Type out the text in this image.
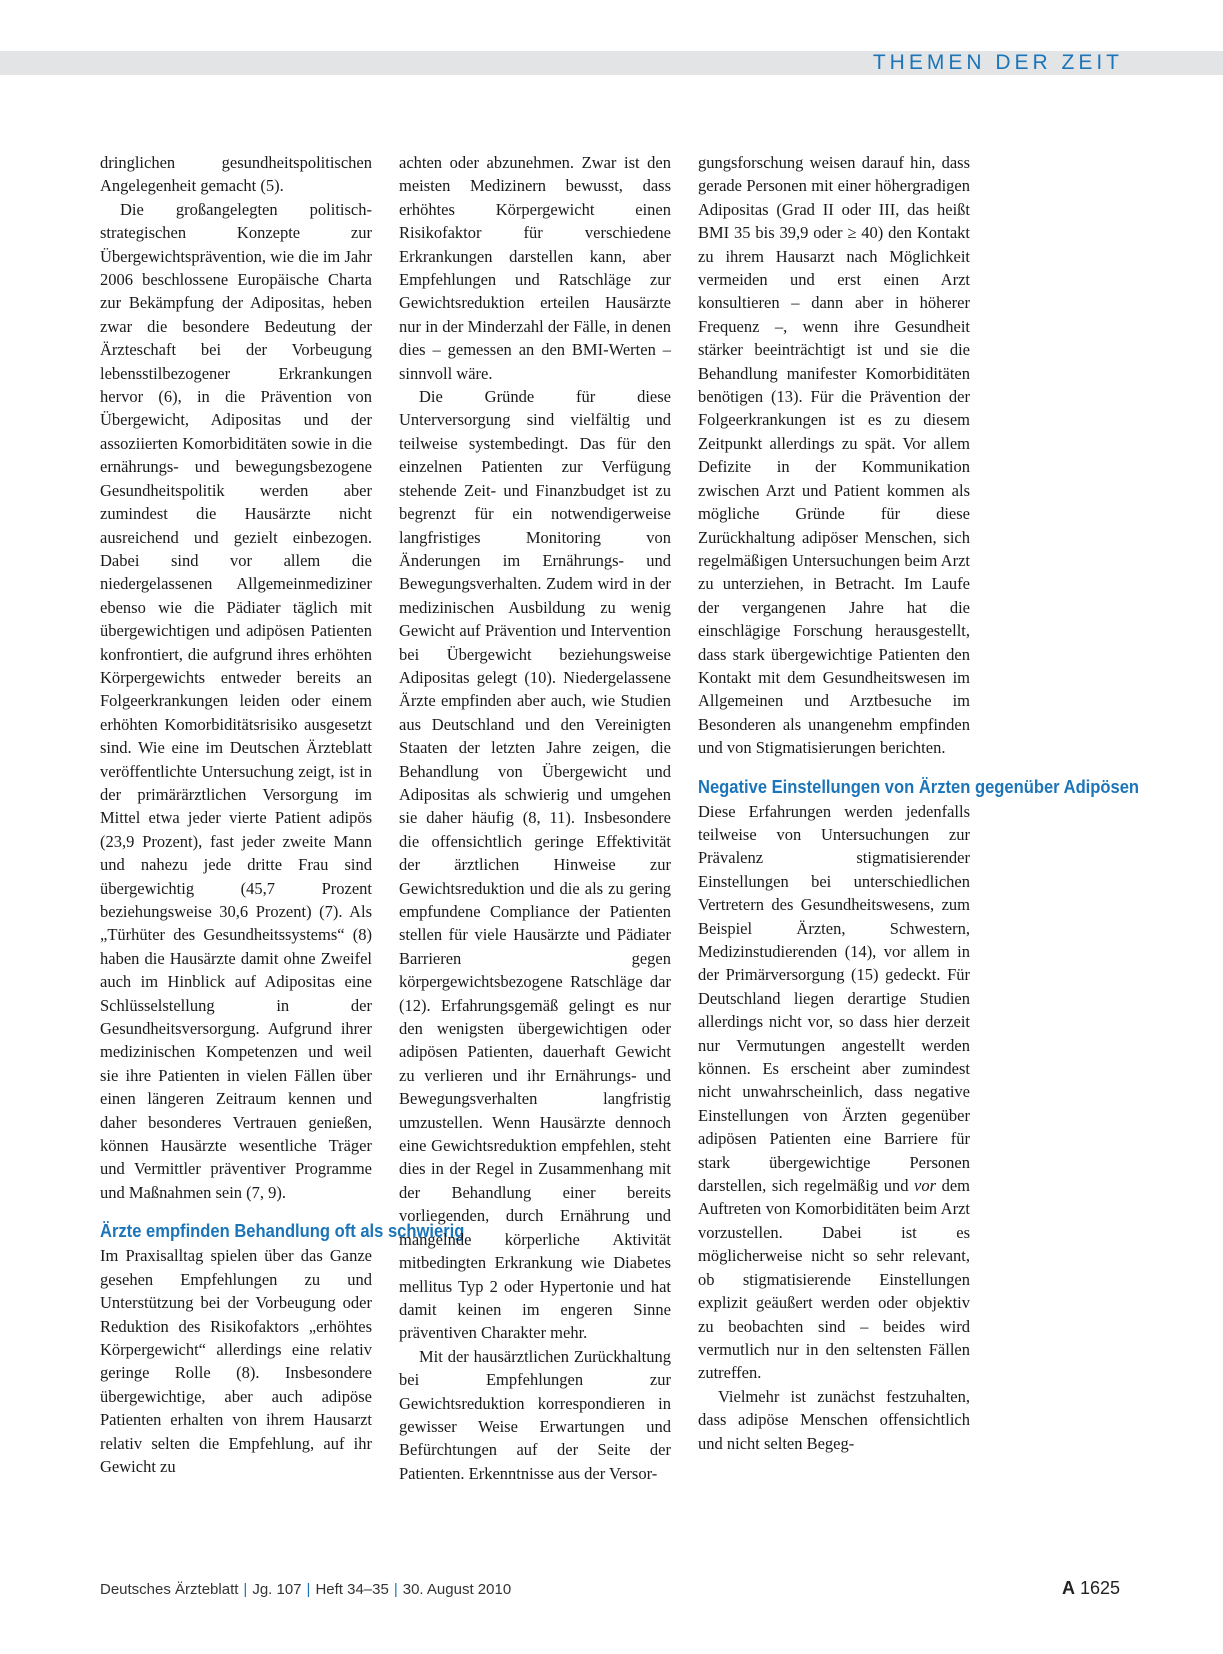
THEMEN DER ZEIT

dringlichen gesundheitspolitischen Angelegenheit gemacht (5).

Die großangelegten politisch-strategischen Konzepte zur Übergewichtsprävention, wie die im Jahr 2006 beschlossene Europäische Charta zur Bekämpfung der Adipositas, heben zwar die besondere Bedeutung der Ärzteschaft bei der Vorbeugung lebensstilbezogener Erkrankungen hervor (6), in die Prävention von Übergewicht, Adipositas und der assoziierten Komorbiditäten sowie in die ernährungs- und bewegungsbezogene Gesundheitspolitik werden aber zumindest die Hausärzte nicht ausreichend und gezielt einbezogen. Dabei sind vor allem die niedergelassenen Allgemeinmediziner ebenso wie die Pädiater täglich mit übergewichtigen und adipösen Patienten konfrontiert, die aufgrund ihres erhöhten Körpergewichts entweder bereits an Folgeerkrankungen leiden oder einem erhöhten Komorbiditätsrisiko ausgesetzt sind. Wie eine im Deutschen Ärzteblatt veröffentlichte Untersuchung zeigt, ist in der primärärztlichen Versorgung im Mittel etwa jeder vierte Patient adipös (23,9 Prozent), fast jeder zweite Mann und nahezu jede dritte Frau sind übergewichtig (45,7 Prozent beziehungsweise 30,6 Prozent) (7). Als „Türhüter des Gesundheitssystems“ (8) haben die Hausärzte damit ohne Zweifel auch im Hinblick auf Adipositas eine Schlüsselstellung in der Gesundheitsversorgung. Aufgrund ihrer medizinischen Kompetenzen und weil sie ihre Patienten in vielen Fällen über einen längeren Zeitraum kennen und daher besonderes Vertrauen genießen, können Hausärzte wesentliche Träger und Vermittler präventiver Programme und Maßnahmen sein (7, 9).

Ärzte empfinden Behandlung oft als schwierig

Im Praxisalltag spielen über das Ganze gesehen Empfehlungen zu und Unterstützung bei der Vorbeugung oder Reduktion des Risikofaktors „erhöhtes Körpergewicht“ allerdings eine relativ geringe Rolle (8). Insbesondere übergewichtige, aber auch adipöse Patienten erhalten von ihrem Hausarzt relativ selten die Empfehlung, auf ihr Gewicht zu

achten oder abzunehmen. Zwar ist den meisten Medizinern bewusst, dass erhöhtes Körpergewicht einen Risikofaktor für verschiedene Erkrankungen darstellen kann, aber Empfehlungen und Ratschläge zur Gewichtsreduktion erteilen Hausärzte nur in der Minderzahl der Fälle, in denen dies – gemessen an den BMI-Werten – sinnvoll wäre.

Die Gründe für diese Unterversorgung sind vielfältig und teilweise systembedingt. Das für den einzelnen Patienten zur Verfügung stehende Zeit- und Finanzbudget ist zu begrenzt für ein notwendigerweise langfristiges Monitoring von Änderungen im Ernährungs- und Bewegungsverhalten. Zudem wird in der medizinischen Ausbildung zu wenig Gewicht auf Prävention und Intervention bei Übergewicht beziehungsweise Adipositas gelegt (10). Niedergelassene Ärzte empfinden aber auch, wie Studien aus Deutschland und den Vereinigten Staaten der letzten Jahre zeigen, die Behandlung von Übergewicht und Adipositas als schwierig und umgehen sie daher häufig (8, 11). Insbesondere die offensichtlich geringe Effektivität der ärztlichen Hinweise zur Gewichtsreduktion und die als zu gering empfundene Compliance der Patienten stellen für viele Hausärzte und Pädiater Barrieren gegen körpergewichtsbezogene Ratschläge dar (12). Erfahrungsgemäß gelingt es nur den wenigsten übergewichtigen oder adipösen Patienten, dauerhaft Gewicht zu verlieren und ihr Ernährungs- und Bewegungsverhalten langfristig umzustellen. Wenn Hausärzte dennoch eine Gewichtsreduktion empfehlen, steht dies in der Regel in Zusammenhang mit der Behandlung einer bereits vorliegenden, durch Ernährung und mangelnde körperliche Aktivität mitbedingten Erkrankung wie Diabetes mellitus Typ 2 oder Hypertonie und hat damit keinen im engeren Sinne präventiven Charakter mehr.

Mit der hausärztlichen Zurückhaltung bei Empfehlungen zur Gewichtsreduktion korrespondieren in gewisser Weise Erwartungen und Befürchtungen auf der Seite der Patienten. Erkenntnisse aus der Versor-

gungsforschung weisen darauf hin, dass gerade Personen mit einer höhergradigen Adipositas (Grad II oder III, das heißt BMI 35 bis 39,9 oder ≥ 40) den Kontakt zu ihrem Hausarzt nach Möglichkeit vermeiden und erst einen Arzt konsultieren – dann aber in höherer Frequenz –, wenn ihre Gesundheit stärker beeinträchtigt ist und sie die Behandlung manifester Komorbiditäten benötigen (13). Für die Prävention der Folgeerkrankungen ist es zu diesem Zeitpunkt allerdings zu spät. Vor allem Defizite in der Kommunikation zwischen Arzt und Patient kommen als mögliche Gründe für diese Zurückhaltung adipöser Menschen, sich regelmäßigen Untersuchungen beim Arzt zu unterziehen, in Betracht. Im Laufe der vergangenen Jahre hat die einschlägige Forschung herausgestellt, dass stark übergewichtige Patienten den Kontakt mit dem Gesundheitswesen im Allgemeinen und Arztbesuche im Besonderen als unangenehm empfinden und von Stigmatisierungen berichten.

Negative Einstellungen von Ärzten gegenüber Adipösen

Diese Erfahrungen werden jedenfalls teilweise von Untersuchungen zur Prävalenz stigmatisierender Einstellungen bei unterschiedlichen Vertretern des Gesundheitswesens, zum Beispiel Ärzten, Schwestern, Medizinstudierenden (14), vor allem in der Primärversorgung (15) gedeckt. Für Deutschland liegen derartige Studien allerdings nicht vor, so dass hier derzeit nur Vermutungen angestellt werden können. Es erscheint aber zumindest nicht unwahrscheinlich, dass negative Einstellungen von Ärzten gegenüber adipösen Patienten eine Barriere für stark übergewichtige Personen darstellen, sich regelmäßig und vor dem Auftreten von Komorbiditäten beim Arzt vorzustellen. Dabei ist es möglicherweise nicht so sehr relevant, ob stigmatisierende Einstellungen explizit geäußert werden oder objektiv zu beobachten sind – beides wird vermutlich nur in den seltensten Fällen zutreffen.

Vielmehr ist zunächst festzuhalten, dass adipöse Menschen offensichtlich und nicht selten Begeg-

Deutsches Ärzteblatt | Jg. 107 | Heft 34–35 | 30. August 2010	A 1625
